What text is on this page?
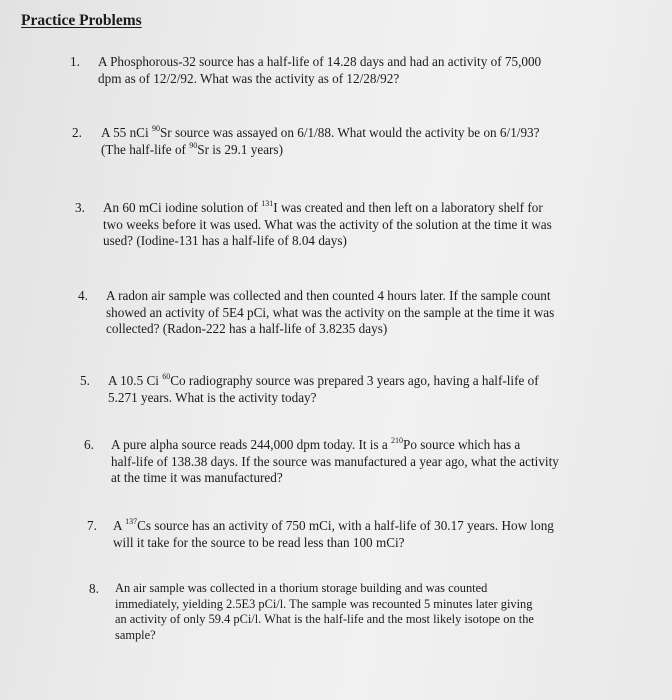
Practice Problems
1. A Phosphorous-32 source has a half-life of 14.28 days and had an activity of 75,000
dpm as of 12/2/92. What was the activity as of 12/28/92?
2. A 55 nCi $^{90}$Sr source was assayed on 6/1/88. What would the activity be on 6/1/93?
(The half-life of $^{90}$Sr is 29.1 years)
3. An 60 mCi iodine solution of $^{131}$I was created and then left on a laboratory shelf for
two weeks before it was used. What was the activity of the solution at the time it was
used? (Iodine-131 has a half-life of 8.04 days)
4. A radon air sample was collected and then counted 4 hours later. If the sample count
showed an activity of 5E4 pCi, what was the activity on the sample at the time it was
collected? (Radon-222 has a half-life of 3.8235 days)
5. A 10.5 Ci $^{60}$Co radiography source was prepared 3 years ago, having a half-life of
5.271 years. What is the activity today?
6. A pure alpha source reads 244,000 dpm today. It is a $^{210}$Po source which has a
half-life of 138.38 days. If the source was manufactured a year ago, what the activity
at the time it was manufactured?
7. A $^{137}$Cs source has an activity of 750 mCi, with a half-life of 30.17 years. How long
will it take for the source to be read less than 100 mCi?
8. An air sample was collected in a thorium storage building and was counted
immediately, yielding 2.5E3 pCi/l. The sample was recounted 5 minutes later giving
an activity of only 59.4 pCi/l. What is the half-life and the most likely isotope on the
sample?
